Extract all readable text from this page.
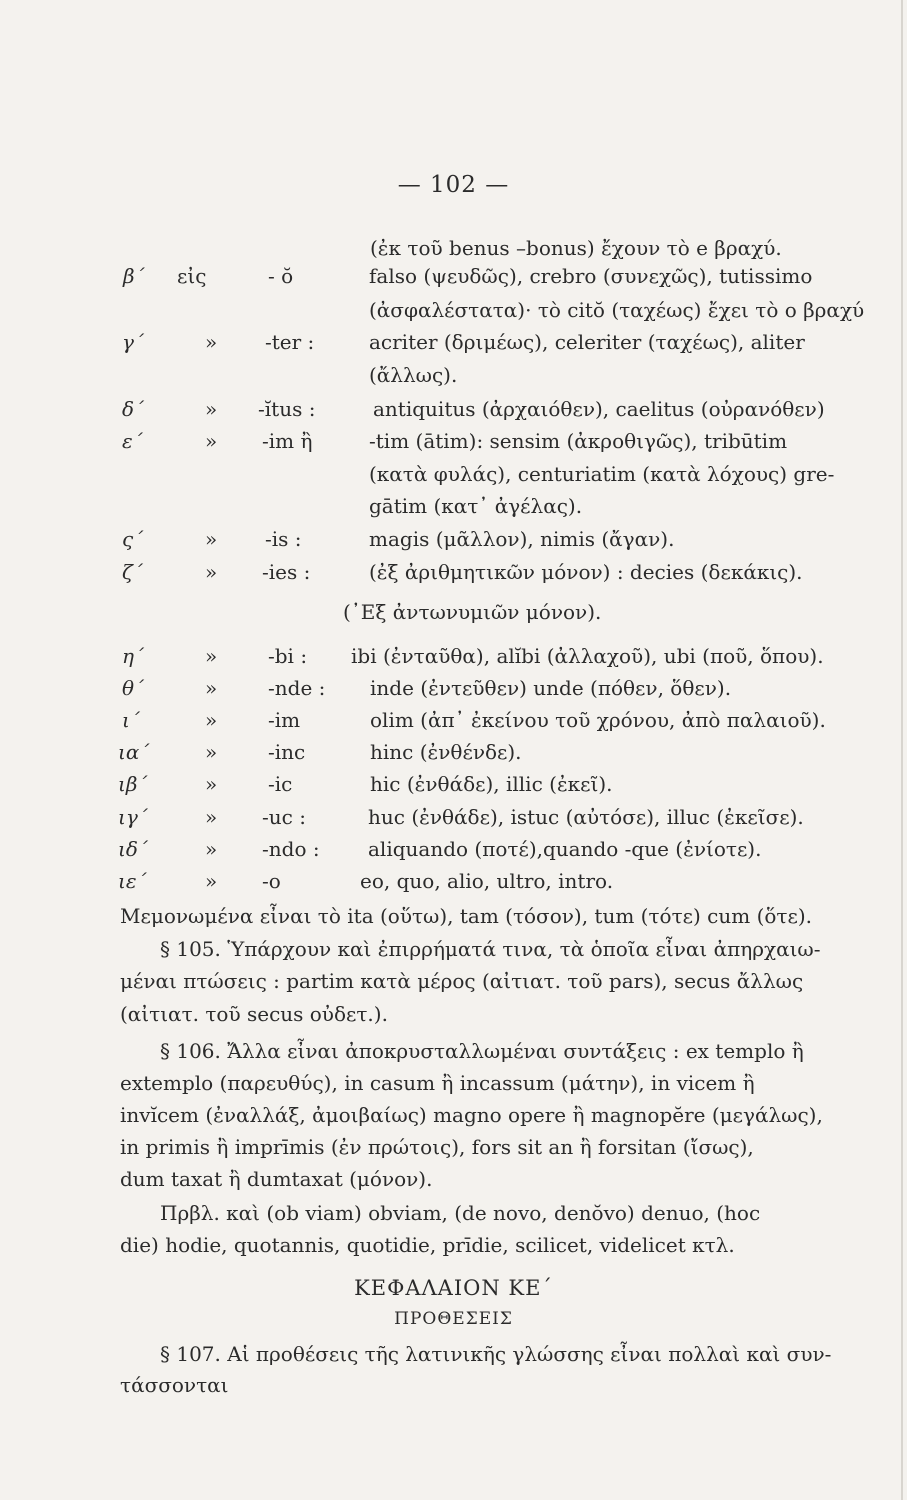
— 102 —
(ἐκ τοῦ benus –bonus) ἔχουν τὸ e βραχύ.
β΄ εἰς	- ŏ	falso (ψευδῶς), crebro (συνεχῶς), tutissimo
(ἀσφαλέστατα)· τὸ citŏ (ταχέως) ἔχει τὸ ο βραχύ
γ΄	» -ter :	acriter (δριμέως), celeriter (ταχέως), aliter
(ἄλλως).
δ΄	» -ĭtus :	antiquitus (ἀρχαιόθεν), caelitus (οὐρανόθεν)
ε΄	» -im ἢ	-tim (ātim): sensim (ἀκροθιγῶς), tribūtim
(κατὰ φυλάς), centuriatim (κατὰ λόχους) gre-
gātim (κατ᾽ ἀγέλας).
ς΄	» -is :	magis (μᾶλλον), nimis (ἄγαν).
ζ΄	» -ies :	(ἐξ ἀριθμητικῶν μόνον) : decies (δεκάκις).
(᾿Εξ ἀντωνυμιῶν μόνον).
η΄	»	-bi : ibi (ἐνταῦθα), alĭbi (ἀλλαχοῦ), ubi (ποῦ, ὅπου).
θ΄	»	-nde : inde (ἐντεῦθεν) unde (πόθεν, ὅθεν).
ι΄	»	-im	olim (ἀπ᾽ ἐκείνου τοῦ χρόνου, ἀπὸ παλαιοῦ).
ια΄	»	-inc	hinc (ἐνθένδε).
ιβ΄	»	-ic	hic (ἐνθάδε), illic (ἐκεῖ).
ιγ΄	» -uc :	huc (ἐνθάδε), istuc (αὐτόσε), illuc (ἐκεῖσε).
ιδ΄	» -ndo : aliquando (ποτέ),quando -que (ἐνίοτε).
ιε΄	» -o	eo, quo, alio, ultro, intro.
Μεμονωμένα εἶναι τὸ ita (οὕτω), tam (τόσον), tum (τότε) cum (ὅτε).
§ 105. Ὑπάρχουν καὶ ἐπιρρήματά τινα, τὰ ὁποῖα εἶναι ἀπηρχαιω-
μέναι πτώσεις : partim κατὰ μέρος (αἰτιατ. τοῦ pars), secus ἄλλως
(αἰτιατ. τοῦ secus οὐδετ.).
§ 106. Ἄλλα εἶναι ἀποκρυσταλλωμέναι συντάξεις : ex templo ἢ
extemplo (παρευθύς), in casum ἢ incassum (μάτην), in vicem ἢ
invĭcem (ἐναλλάξ, ἀμοιβαίως) magno opere ἢ magnopĕre (μεγάλως),
in primis ἢ imprīmis (ἐν πρώτοις), fors sit an ἢ forsitan (ἴσως),
dum taxat ἢ dumtaxat (μόνον).
Πρβλ. καὶ (ob viam) obviam, (de novo, denŏvo) denuo, (hoc
die) hodie, quotannis, quotidie, prīdie, scilicet, videlicet κτλ.
ΚΕΦΑΛΑΙΟΝ ΚΕ΄
ΠΡΟΘΕΣΕΙΣ
§ 107. Αἱ προθέσεις τῆς λατινικῆς γλώσσης εἶναι πολλαὶ καὶ συν-
τάσσονται
